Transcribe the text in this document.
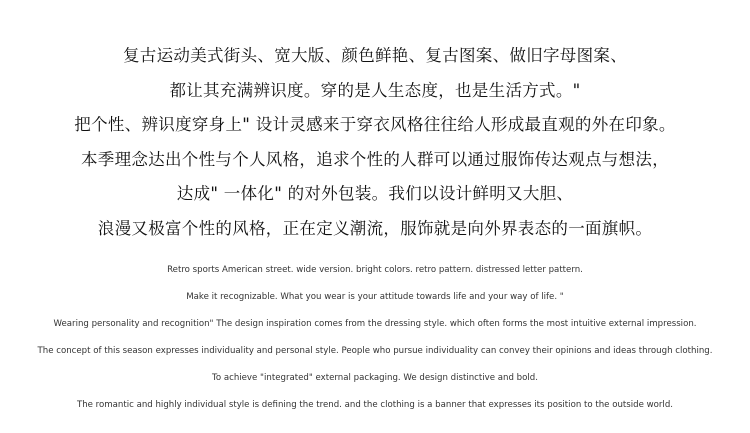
复古运动美式街头、宽大版、颜色鲜艳、复古图案、做旧字母图案、
都让其充满辨识度。穿的是人生态度，也是生活方式。"
把个性、辨识度穿身上" 设计灵感来于穿衣风格往往给人形成最直观的外在印象。
本季理念达出个性与个人风格，追求个性的人群可以通过服饰传达观点与想法，
达成" 一体化" 的对外包装。我们以设计鲜明又大胆、
浪漫又极富个性的风格，正在定义潮流，服饰就是向外界表态的一面旗帜。
Retro sports American street. wide version. bright colors. retro pattern. distressed letter pattern.
Make it recognizable. What you wear is your attitude towards life and your way of life. "
Wearing personality and recognition" The design inspiration comes from the dressing style. which often forms the most intuitive external impression.
The concept of this season expresses individuality and personal style. People who pursue individuality can convey their opinions and ideas through clothing.
To achieve "integrated" external packaging. We design distinctive and bold.
The romantic and highly individual style is defining the trend. and the clothing is a banner that expresses its position to the outside world.
